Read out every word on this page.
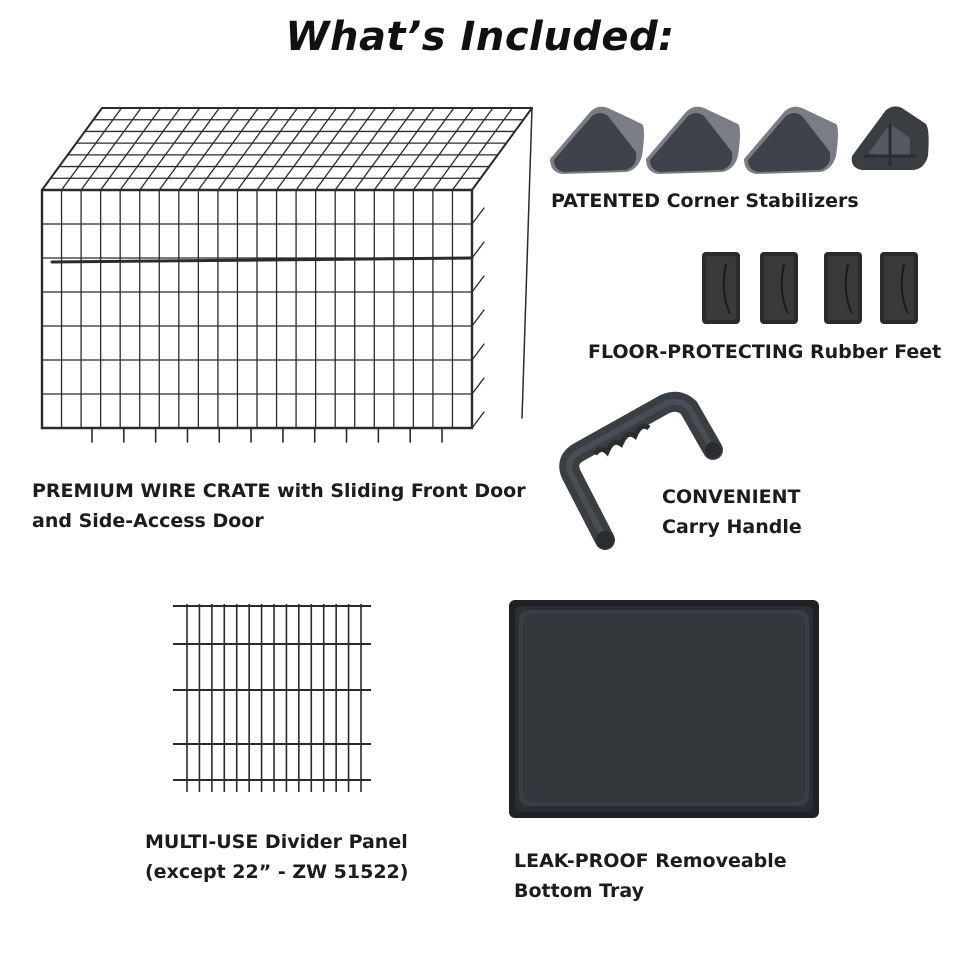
What’s Included:
PREMIUM WIRE CRATE with Sliding Front Door
and Side-Access Door
PATENTED Corner Stabilizers
FLOOR-PROTECTING Rubber Feet
CONVENIENT
Carry Handle
MULTI-USE Divider Panel
(except 22” - ZW 51522)	LEAK-PROOF Removeable
Bottom Tray
